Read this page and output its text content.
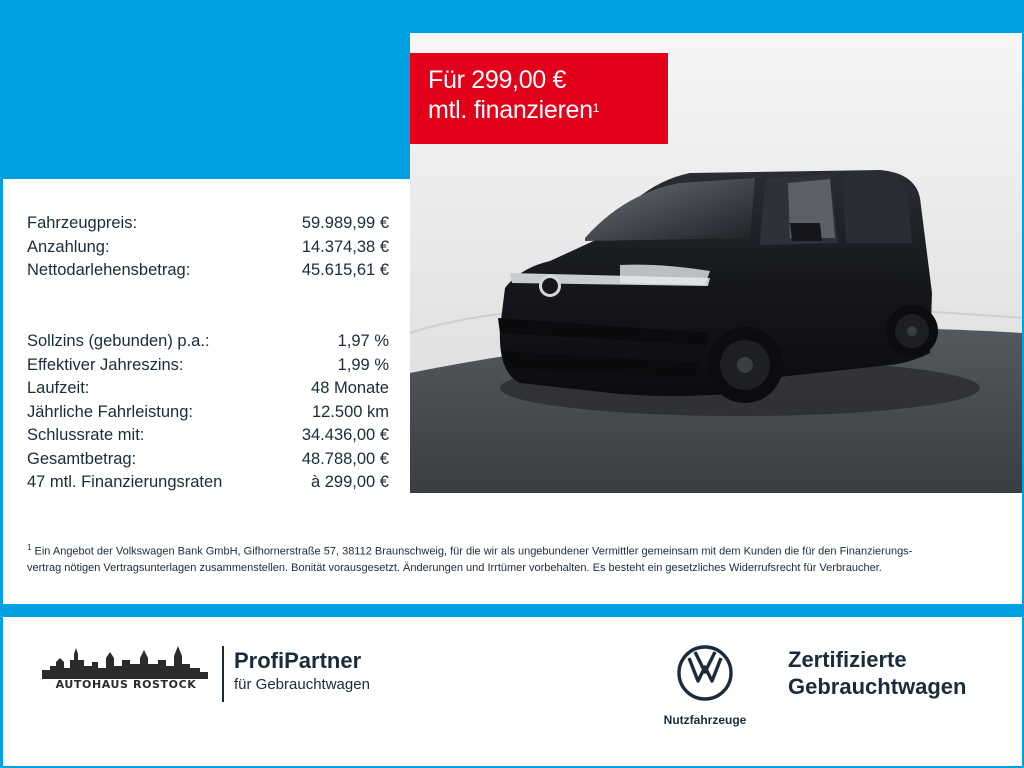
Für 299,00 €
mtl. finanzieren$^1$
Fahrzeugpreis:	59.989,99 €
Anzahlung:	14.374,38 €
Nettodarlehensbetrag:	45.615,61 €
Sollzins (gebunden) p.a.:	1,97 %
Effektiver Jahreszins:	1,99 %
Laufzeit:	48 Monate
Jährliche Fahrleistung:	12.500 km
Schlussrate mit:	34.436,00 €
Gesamtbetrag:	48.788,00 €
47 mtl. Finanzierungsraten	à 299,00 €
$^1$ Ein Angebot der Volkswagen Bank GmbH, Gifhornerstraße 57, 38112 Braunschweig, für die wir als ungebundener Vermittler gemeinsam mit dem Kunden die für den Finanzierungs-
vertrag nötigen Vertragsunterlagen zusammenstellen. Bonität vorausgesetzt. Änderungen und Irrtümer vorbehalten. Es besteht ein gesetzliches Widerrufsrecht für Verbraucher.
AUTOHAUS ROSTOCK
ProfiPartner
für Gebrauchtwagen
Nutzfahrzeuge
Zertifizierte
Gebrauchtwagen
